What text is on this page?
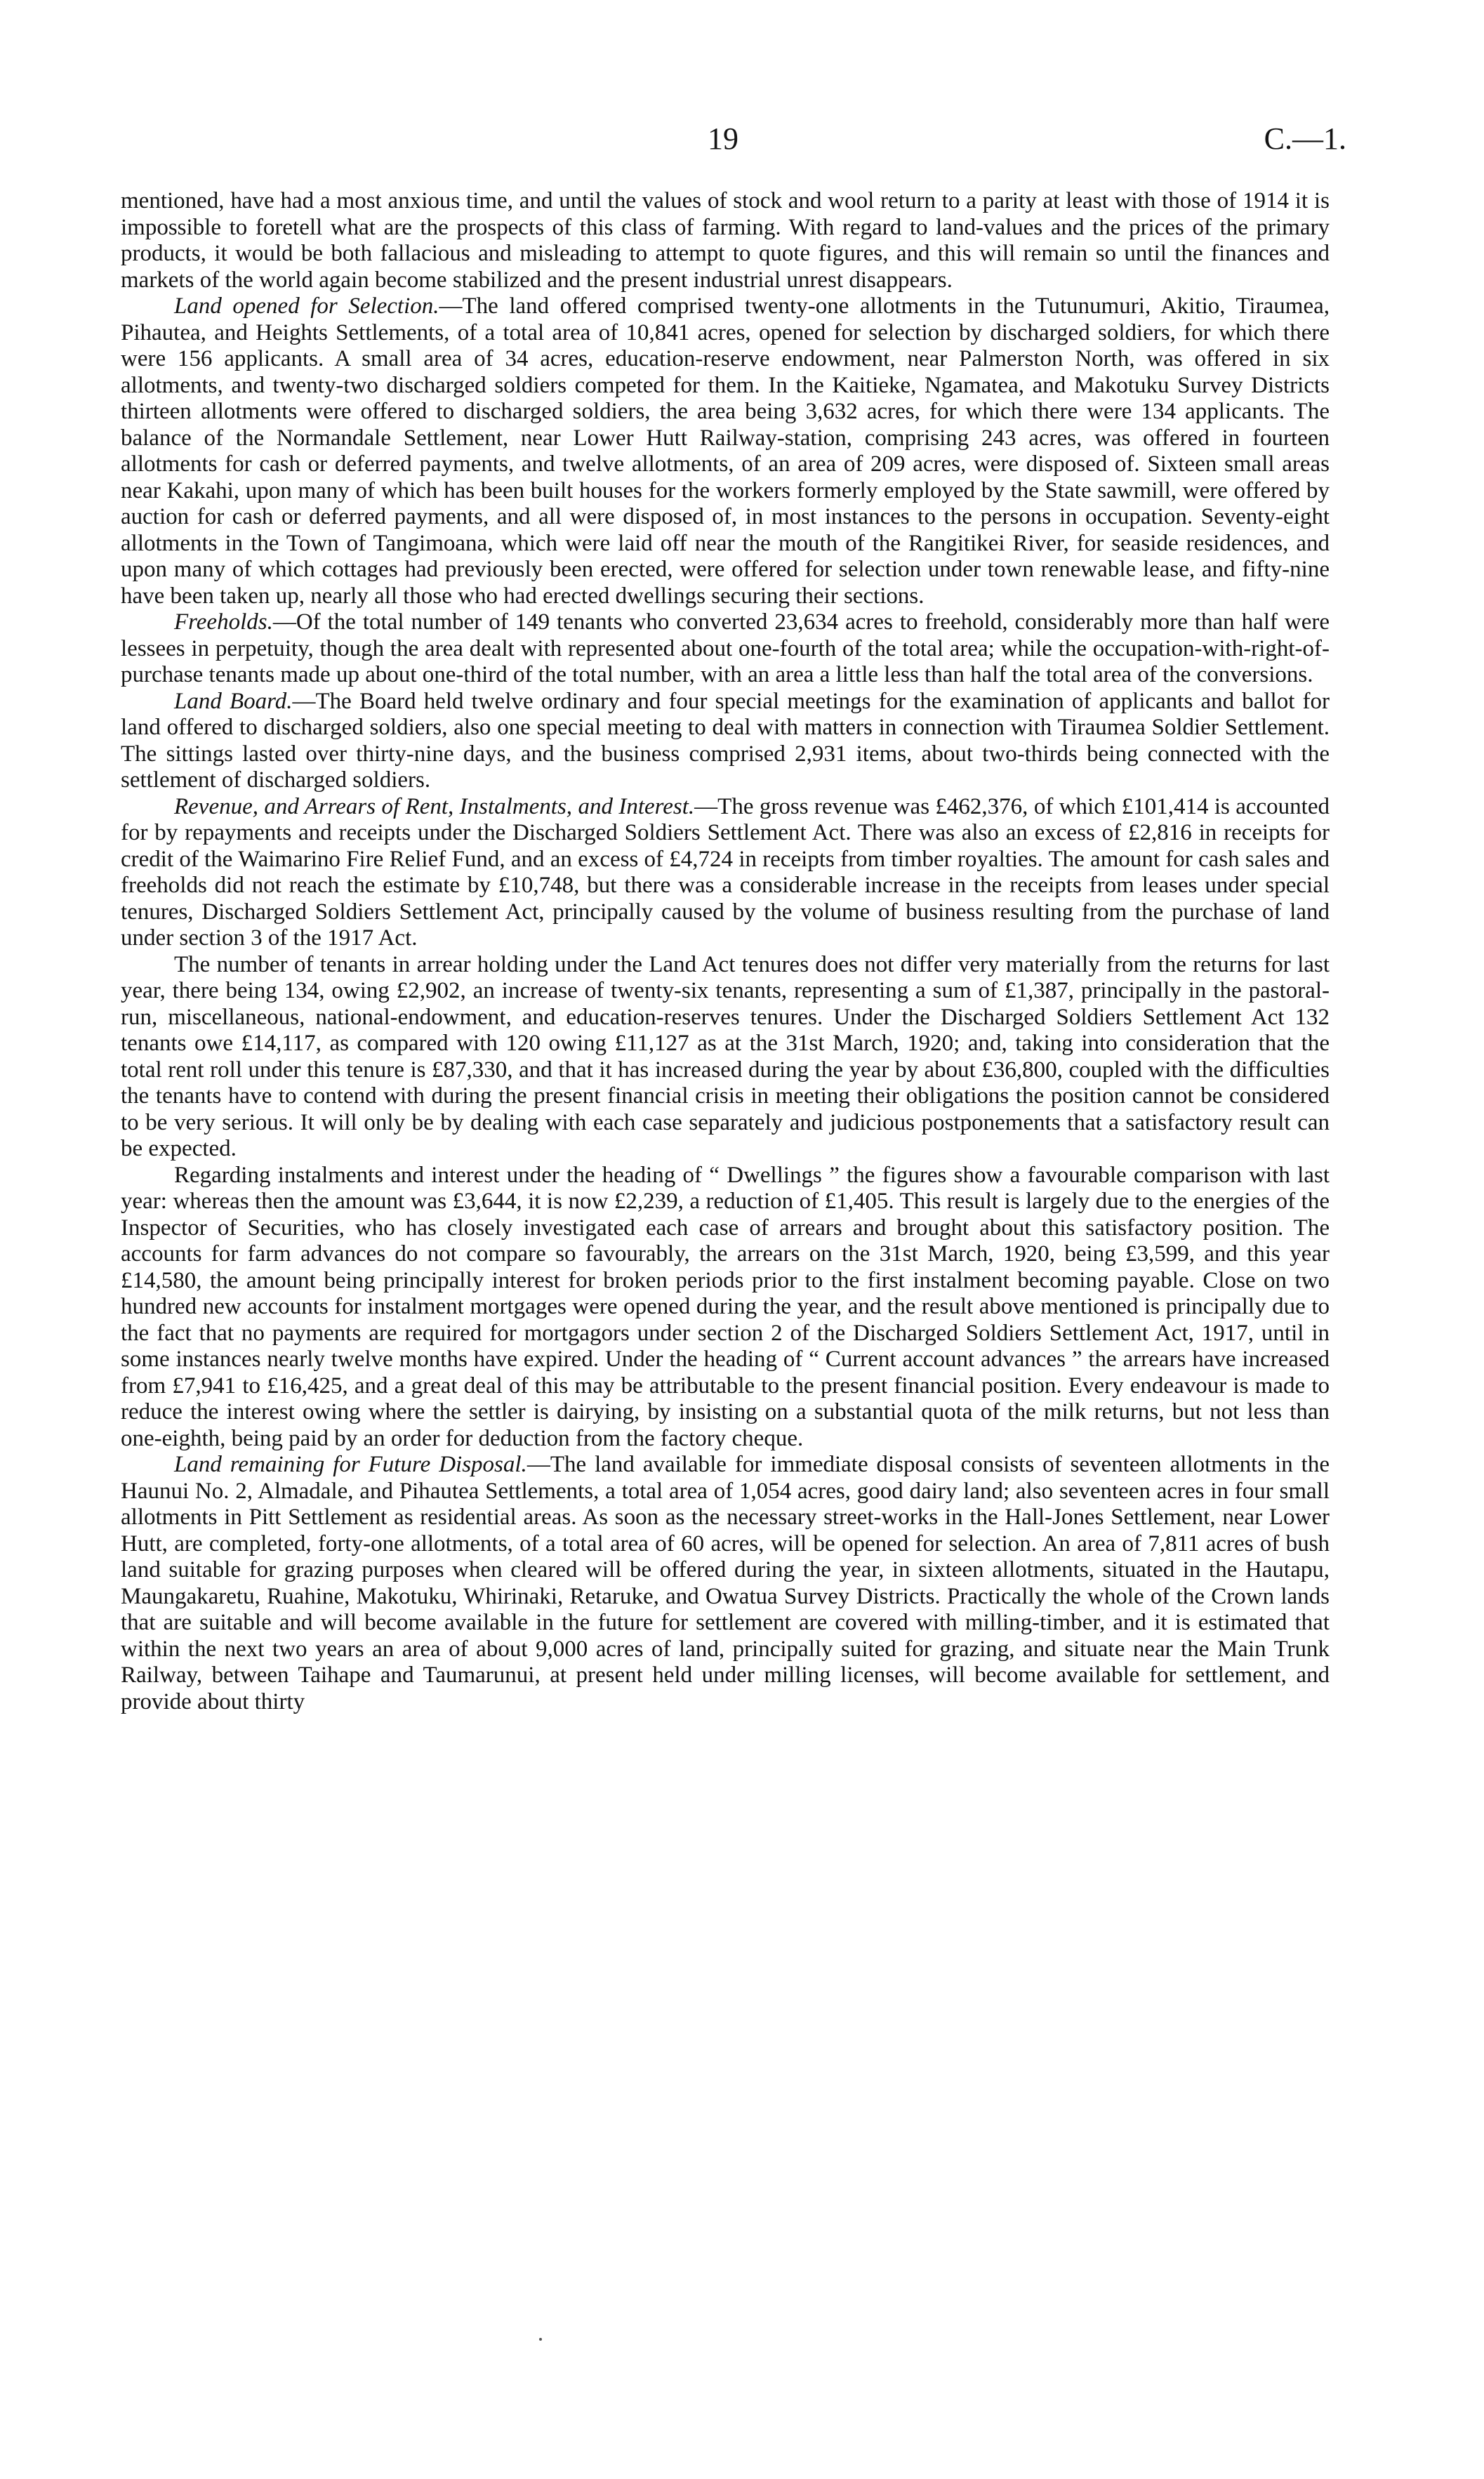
19	C.—1.

mentioned, have had a most anxious time, and until the values of stock and wool return to a parity at least with those of 1914 it is impossible to foretell what are the prospects of this class of farming. With regard to land-values and the prices of the primary products, it would be both fallacious and misleading to attempt to quote figures, and this will remain so until the finances and markets of the world again become stabilized and the present industrial unrest disappears.

Land opened for Selection.—The land offered comprised twenty-one allotments in the Tutunumuri, Akitio, Tiraumea, Pihautea, and Heights Settlements, of a total area of 10,841 acres, opened for selection by discharged soldiers, for which there were 156 applicants. A small area of 34 acres, education-reserve endowment, near Palmerston North, was offered in six allotments, and twenty-two discharged soldiers competed for them. In the Kaitieke, Ngamatea, and Makotuku Survey Districts thirteen allotments were offered to discharged soldiers, the area being 3,632 acres, for which there were 134 applicants. The balance of the Normandale Settlement, near Lower Hutt Railway-station, comprising 243 acres, was offered in fourteen allotments for cash or deferred payments, and twelve allotments, of an area of 209 acres, were disposed of. Sixteen small areas near Kakahi, upon many of which has been built houses for the workers formerly employed by the State sawmill, were offered by auction for cash or deferred payments, and all were disposed of, in most instances to the persons in occupation. Seventy-eight allotments in the Town of Tangimoana, which were laid off near the mouth of the Rangitikei River, for seaside residences, and upon many of which cottages had previously been erected, were offered for selection under town renewable lease, and fifty-nine have been taken up, nearly all those who had erected dwellings securing their sections.

Freeholds.—Of the total number of 149 tenants who converted 23,634 acres to freehold, considerably more than half were lessees in perpetuity, though the area dealt with represented about one-fourth of the total area; while the occupation-with-right-of-purchase tenants made up about one-third of the total number, with an area a little less than half the total area of the conversions.

Land Board.—The Board held twelve ordinary and four special meetings for the examination of applicants and ballot for land offered to discharged soldiers, also one special meeting to deal with matters in connection with Tiraumea Soldier Settlement. The sittings lasted over thirty-nine days, and the business comprised 2,931 items, about two-thirds being connected with the settlement of discharged soldiers.

Revenue, and Arrears of Rent, Instalments, and Interest.—The gross revenue was £462,376, of which £101,414 is accounted for by repayments and receipts under the Discharged Soldiers Settlement Act. There was also an excess of £2,816 in receipts for credit of the Waimarino Fire Relief Fund, and an excess of £4,724 in receipts from timber royalties. The amount for cash sales and freeholds did not reach the estimate by £10,748, but there was a considerable increase in the receipts from leases under special tenures, Discharged Soldiers Settlement Act, principally caused by the volume of business resulting from the purchase of land under section 3 of the 1917 Act.

The number of tenants in arrear holding under the Land Act tenures does not differ very materially from the returns for last year, there being 134, owing £2,902, an increase of twenty-six tenants, representing a sum of £1,387, principally in the pastoral-run, miscellaneous, national-endowment, and education-reserves tenures. Under the Discharged Soldiers Settlement Act 132 tenants owe £14,117, as compared with 120 owing £11,127 as at the 31st March, 1920; and, taking into consideration that the total rent roll under this tenure is £87,330, and that it has increased during the year by about £36,800, coupled with the difficulties the tenants have to contend with during the present financial crisis in meeting their obligations the position cannot be considered to be very serious. It will only be by dealing with each case separately and judicious postponements that a satisfactory result can be expected.

Regarding instalments and interest under the heading of “ Dwellings ” the figures show a favourable comparison with last year: whereas then the amount was £3,644, it is now £2,239, a reduction of £1,405. This result is largely due to the energies of the Inspector of Securities, who has closely investigated each case of arrears and brought about this satisfactory position. The accounts for farm advances do not compare so favourably, the arrears on the 31st March, 1920, being £3,599, and this year £14,580, the amount being principally interest for broken periods prior to the first instalment becoming payable. Close on two hundred new accounts for instalment mortgages were opened during the year, and the result above mentioned is principally due to the fact that no payments are required for mortgagors under section 2 of the Discharged Soldiers Settlement Act, 1917, until in some instances nearly twelve months have expired. Under the heading of “ Current account advances ” the arrears have increased from £7,941 to £16,425, and a great deal of this may be attributable to the present financial position. Every endeavour is made to reduce the interest owing where the settler is dairying, by insisting on a substantial quota of the milk returns, but not less than one-eighth, being paid by an order for deduction from the factory cheque.

Land remaining for Future Disposal.—The land available for immediate disposal consists of seventeen allotments in the Haunui No. 2, Almadale, and Pihautea Settlements, a total area of 1,054 acres, good dairy land; also seventeen acres in four small allotments in Pitt Settlement as residential areas. As soon as the necessary street-works in the Hall-Jones Settlement, near Lower Hutt, are completed, forty-one allotments, of a total area of 60 acres, will be opened for selection. An area of 7,811 acres of bush land suitable for grazing purposes when cleared will be offered during the year, in sixteen allotments, situated in the Hautapu, Maungakaretu, Ruahine, Makotuku, Whirinaki, Retaruke, and Owatua Survey Districts. Practically the whole of the Crown lands that are suitable and will become available in the future for settlement are covered with milling-timber, and it is estimated that within the next two years an area of about 9,000 acres of land, principally suited for grazing, and situate near the Main Trunk Railway, between Taihape and Taumarunui, at present held under milling licenses, will become available for settlement, and provide about thirty
